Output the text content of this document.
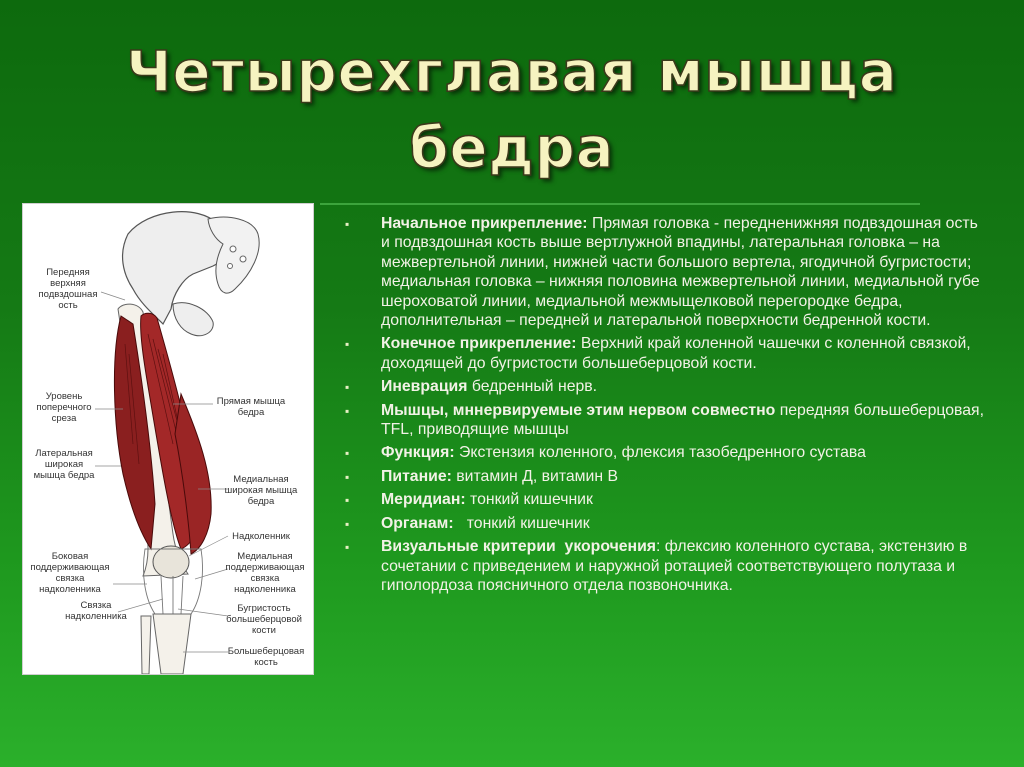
Четырехглавая мышца
бедра
Передняя верхняя подвздошная ость
Уровень поперечного среза
Латеральная широкая мышца бедра
Боковая поддерживающая связка надколенника
Связка надколенника
Прямая мышца бедра
Медиальная широкая мышца бедра
Надколенник
Медиальная поддерживающая связка надколенника
Бугристость большеберцовой кости
Большеберцовая кость
▪ Начальное прикрепление: Прямая головка - передненижняя подвздошная ость и подвздошная кость выше вертлужной впадины, латеральная головка – на межвертельной линии, нижней части большого вертела, ягодичной бугристости; медиальная головка – нижняя половина межвертельной линии, медиальной губе шероховатой линии, медиальной межмыщелковой перегородке бедра, дополнительная – передней и латеральной поверхности бедренной кости.
▪ Конечное прикрепление: Верхний край коленной чашечки с коленной связкой, доходящей до бугристости большеберцовой кости.
▪ Иневрация бедренный нерв.
▪ Мышцы, мннервируемые этим нервом совместно передняя большеберцовая, TFL, приводящие мышцы
▪ Функция: Экстензия коленного, флексия тазобедренного сустава
▪ Питание: витамин Д, витамин В
▪ Меридиан: тонкий кишечник
▪ Органам:   тонкий кишечник
▪ Визуальные критерии  укорочения: флексию коленного сустава, экстензию в сочетании с приведением и наружной ротацией соответствующего полутаза и гиполордоза поясничного отдела позвоночника.
